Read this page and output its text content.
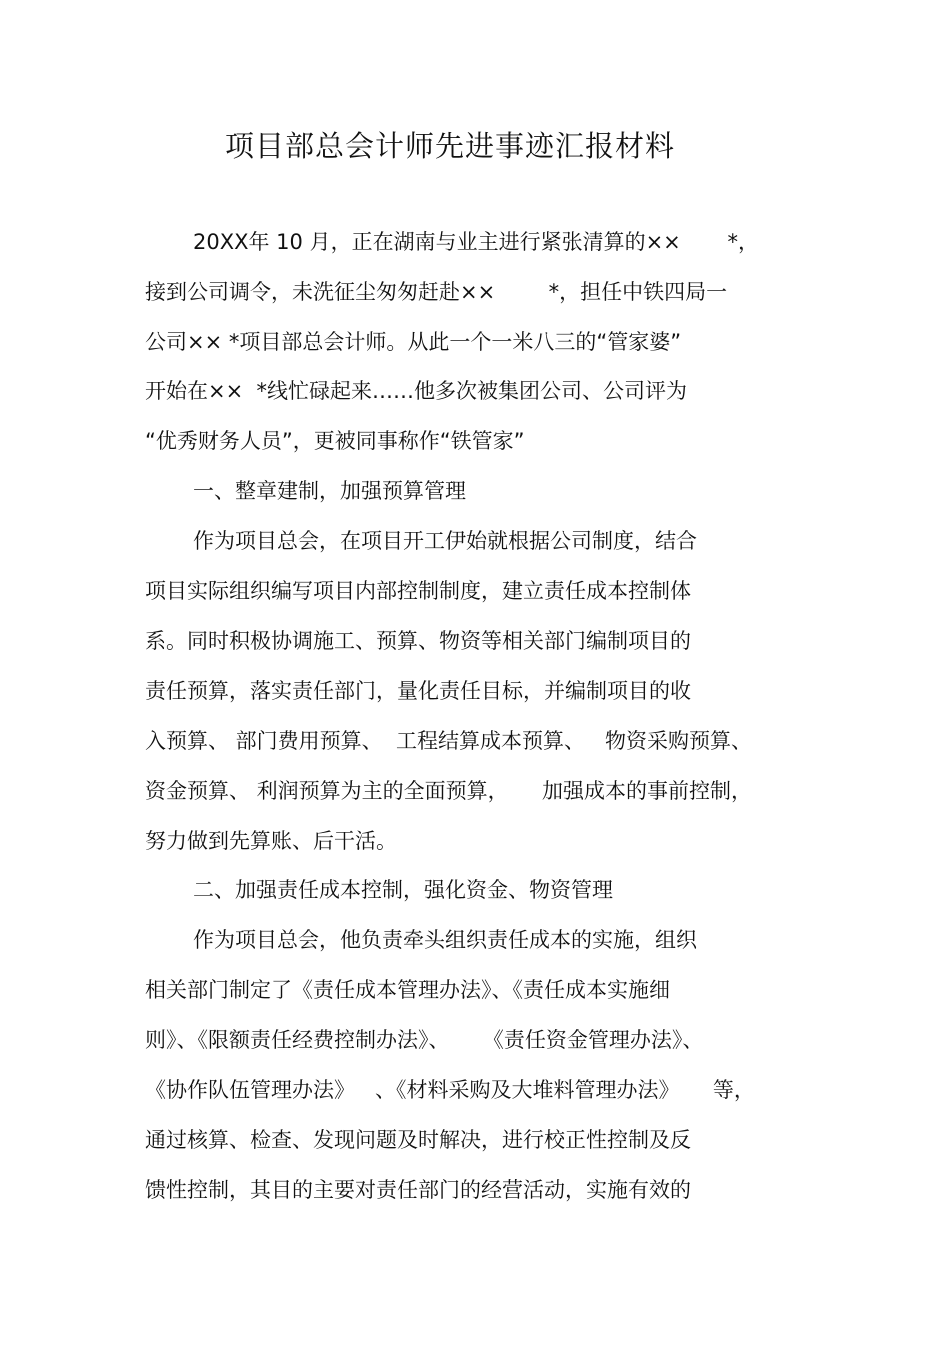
项目部总会计师先进事迹汇报材料
20XX年 10 月，正在湖南与业主进行紧张清算的××       *，
接到公司调令，未洗征尘匆匆赶赴××        *，担任中铁四局一
公司×× *项目部总会计师。从此一个一米八三的“管家婆”
开始在××  *线忙碌起来……他多次被集团公司、公司评为
“优秀财务人员”，更被同事称作“铁管家”
一、整章建制，加强预算管理
作为项目总会，在项目开工伊始就根据公司制度，结合
项目实际组织编写项目内部控制制度，建立责任成本控制体
系。同时积极协调施工、预算、物资等相关部门编制项目的
责任预算，落实责任部门，量化责任目标，并编制项目的收
入预算、 部门费用预算、  工程结算成本预算、   物资采购预算、
资金预算、 利润预算为主的全面预算，     加强成本的事前控制，
努力做到先算账、后干活。
二、加强责任成本控制，强化资金、物资管理
作为项目总会，他负责牵头组织责任成本的实施，组织
相关部门制定了《责任成本管理办法》、《责任成本实施细
则》、《限额责任经费控制办法》、     《责任资金管理办法》、
《协作队伍管理办法》   、《材料采购及大堆料管理办法》     等，
通过核算、检查、发现问题及时解决，进行校正性控制及反
馈性控制，其目的主要对责任部门的经营活动，实施有效的
